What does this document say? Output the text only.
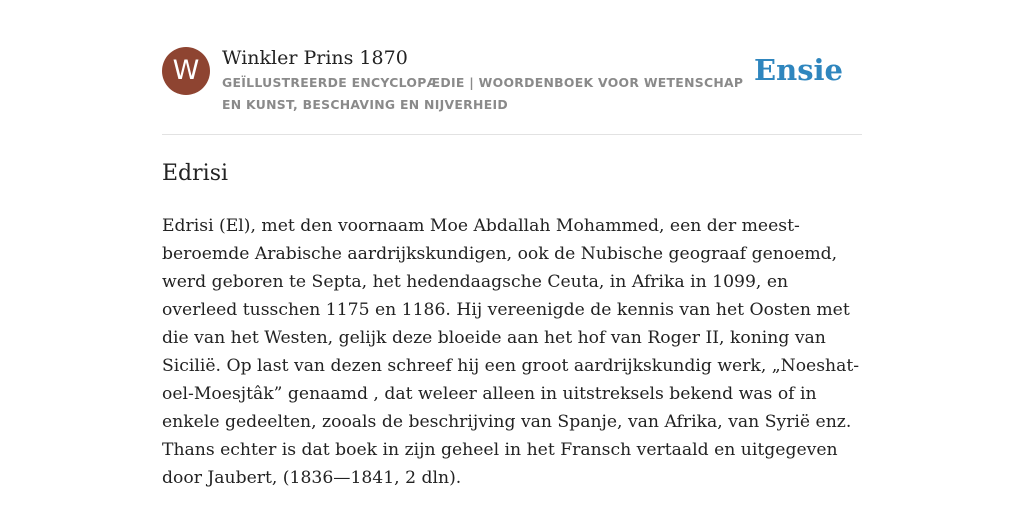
W	Winkler Prins 1870
GEÏLLUSTREERDE ENCYCLOPÆDIE | WOORDENBOEK VOOR WETENSCHAP EN KUNST, BESCHAVING EN NIJVERHEID
Ensie
Edrisi

Edrisi (El), met den voornaam Moe Abdallah Mohammed, een der meestberoemde Arabische aardrijkskundigen, ook de Nubische geograaf genoemd, werd geboren te Septa, het hedendaagsche Ceuta, in Afrika in 1099, en overleed tusschen 1175 en 1186. Hij vereenigde de kennis van het Oosten met die van het Westen, gelijk deze bloeide aan het hof van Roger II, koning van Sicilië. Op last van dezen schreef hij een groot aardrijkskundig werk, „Noeshat-oel-Moesjtâk” genaamd , dat weleer alleen in uitstreksels bekend was of in enkele gedeelten, zooals de beschrijving van Spanje, van Afrika, van Syrië enz. Thans echter is dat boek in zijn geheel in het Fransch vertaald en uitgegeven door Jaubert, (1836—1841, 2 dln).
